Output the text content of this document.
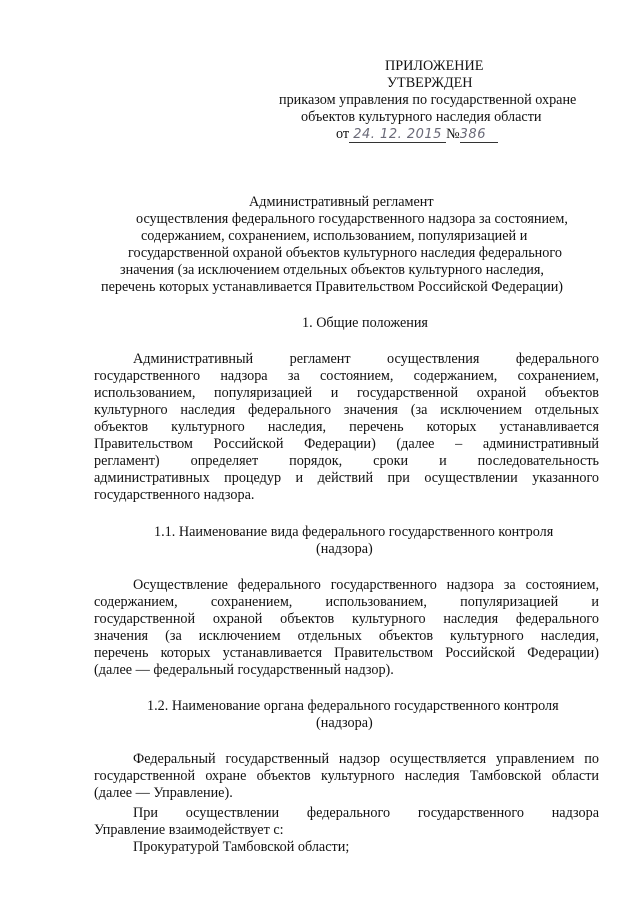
ПРИЛОЖЕНИЕ
УТВЕРЖДЕН
приказом управления по государственной охране
объектов культурного наследия области
от 24. 12. 2015 №386
Административный регламент
осуществления федерального государственного надзора за состоянием,
содержанием, сохранением, использованием, популяризацией и
государственной охраной объектов культурного наследия федерального
значения (за исключением отдельных объектов культурного наследия,
перечень которых устанавливается Правительством Российской Федерации)
1. Общие положения
Административный регламент осуществления федерального
государственного надзора за состоянием, содержанием, сохранением,
использованием, популяризацией и государственной охраной объектов
культурного наследия федерального значения (за исключением отдельных
объектов культурного наследия, перечень которых устанавливается
Правительством Российской Федерации) (далее – административный
регламент) определяет порядок, сроки и последовательность
административных процедур и действий при осуществлении указанного
государственного надзора.
1.1. Наименование вида федерального государственного контроля
(надзора)
Осуществление федерального государственного надзора за состоянием,
содержанием, сохранением, использованием, популяризацией и
государственной охраной объектов культурного наследия федерального
значения (за исключением отдельных объектов культурного наследия,
перечень которых устанавливается Правительством Российской Федерации)
(далее — федеральный государственный надзор).
1.2. Наименование органа федерального государственного контроля
(надзора)
Федеральный государственный надзор осуществляется управлением по
государственной охране объектов культурного наследия Тамбовской области
(далее — Управление).
При осуществлении федерального государственного надзора
Управление взаимодействует с:
Прокуратурой Тамбовской области;
